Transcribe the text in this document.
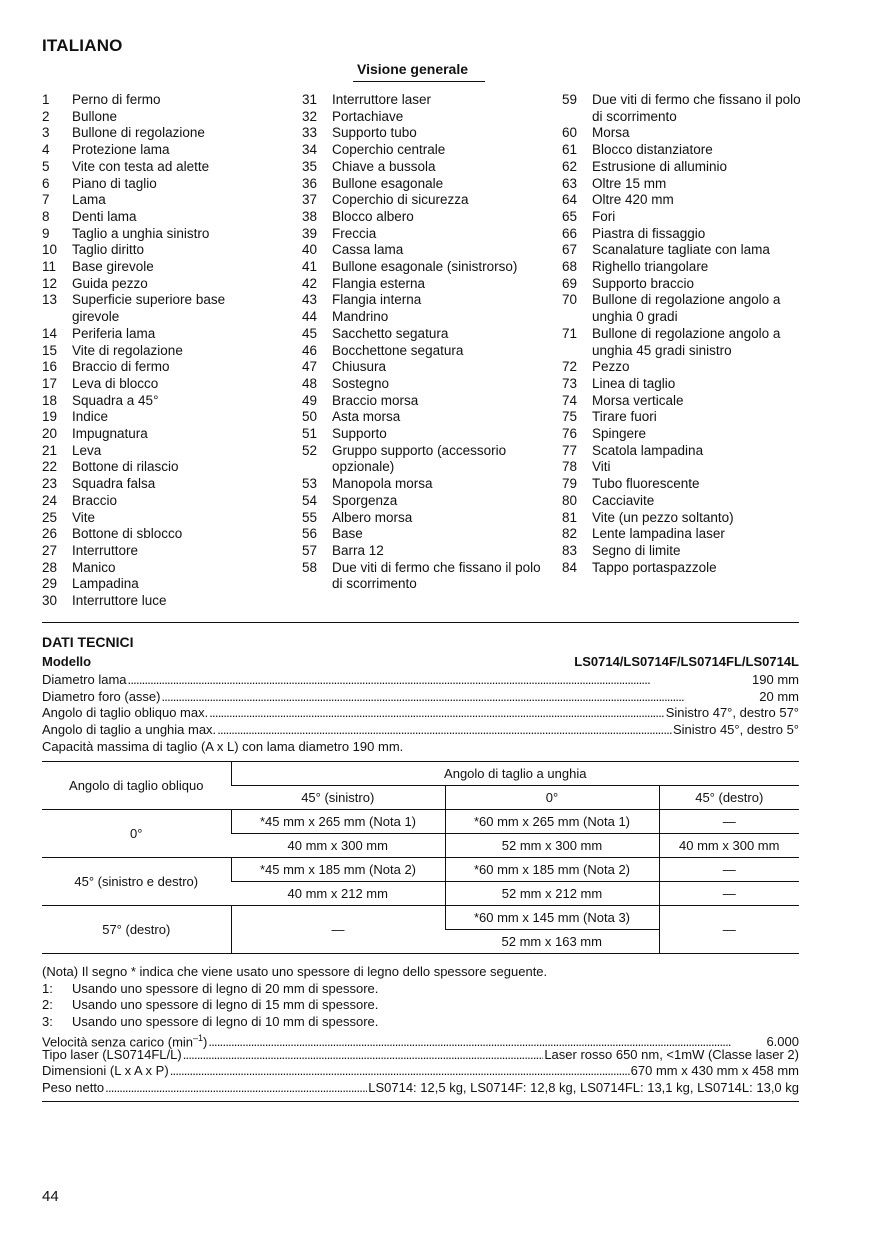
ITALIANO
Visione generale
1	Perno di fermo
2	Bullone
3	Bullone di regolazione
4	Protezione lama
5	Vite con testa ad alette
6	Piano di taglio
7	Lama
8	Denti lama
9	Taglio a unghia sinistro
10	Taglio diritto
11	Base girevole
12	Guida pezzo
13	Superficie superiore base girevole
14	Periferia lama
15	Vite di regolazione
16	Braccio di fermo
17	Leva di blocco
18	Squadra a 45°
19	Indice
20	Impugnatura
21	Leva
22	Bottone di rilascio
23	Squadra falsa
24	Braccio
25	Vite
26	Bottone di sblocco
27	Interruttore
28	Manico
29	Lampadina
30	Interruttore luce
31	Interruttore laser
32	Portachiave
33	Supporto tubo
34	Coperchio centrale
35	Chiave a bussola
36	Bullone esagonale
37	Coperchio di sicurezza
38	Blocco albero
39	Freccia
40	Cassa lama
41	Bullone esagonale (sinistrorso)
42	Flangia esterna
43	Flangia interna
44	Mandrino
45	Sacchetto segatura
46	Bocchettone segatura
47	Chiusura
48	Sostegno
49	Braccio morsa
50	Asta morsa
51	Supporto
52	Gruppo supporto (accessorio opzionale)
53	Manopola morsa
54	Sporgenza
55	Albero morsa
56	Base
57	Barra 12
58	Due viti di fermo che fissano il polo di scorrimento
59	Due viti di fermo che fissano il polo di scorrimento
60	Morsa
61	Blocco distanziatore
62	Estrusione di alluminio
63	Oltre 15 mm
64	Oltre 420 mm
65	Fori
66	Piastra di fissaggio
67	Scanalature tagliate con lama
68	Righello triangolare
69	Supporto braccio
70	Bullone di regolazione angolo a unghia 0 gradi
71	Bullone di regolazione angolo a unghia 45 gradi sinistro
72	Pezzo
73	Linea di taglio
74	Morsa verticale
75	Tirare fuori
76	Spingere
77	Scatola lampadina
78	Viti
79	Tubo fluorescente
80	Cacciavite
81	Vite (un pezzo soltanto)
82	Lente lampadina laser
83	Segno di limite
84	Tappo portaspazzole
DATI TECNICI
Modello	LS0714/LS0714F/LS0714FL/LS0714L
Diametro lama . . .	190 mm
Diametro foro (asse) . . .	20 mm
Angolo di taglio obliquo max. . . .	Sinistro 47°, destro 57°
Angolo di taglio a unghia max. . . .	Sinistro 45°, destro 5°
Capacità massima di taglio (A x L) con lama diametro 190 mm.
Angolo di taglio obliquo	Angolo di taglio a unghia		
	45° (sinistro)	0°	45° (destro)
0°	*45 mm x 265 mm (Nota 1)	*60 mm x 265 mm (Nota 1)	—
	40 mm x 300 mm	52 mm x 300 mm	40 mm x 300 mm
45° (sinistro e destro)	*45 mm x 185 mm (Nota 2)	*60 mm x 185 mm (Nota 2)	—
	40 mm x 212 mm	52 mm x 212 mm	—
57° (destro)	—	*60 mm x 145 mm (Nota 3)	—
		52 mm x 163 mm	
(Nota) Il segno * indica che viene usato uno spessore di legno dello spessore seguente.
1:	Usando uno spessore di legno di 20 mm di spessore.
2:	Usando uno spessore di legno di 15 mm di spessore.
3:	Usando uno spessore di legno di 10 mm di spessore.
Velocità senza carico $(\min^{-1})$ . . .	6.000
Tipo laser (LS0714FL/L) . . .	Laser rosso 650 nm, <1mW (Classe laser 2)
Dimensioni (L x A x P) . . .	670 mm x 430 mm x 458 mm
Peso netto . . .	LS0714: 12,5 kg, LS0714F: 12,8 kg, LS0714FL: 13,1 kg, LS0714L: 13,0 kg
44
